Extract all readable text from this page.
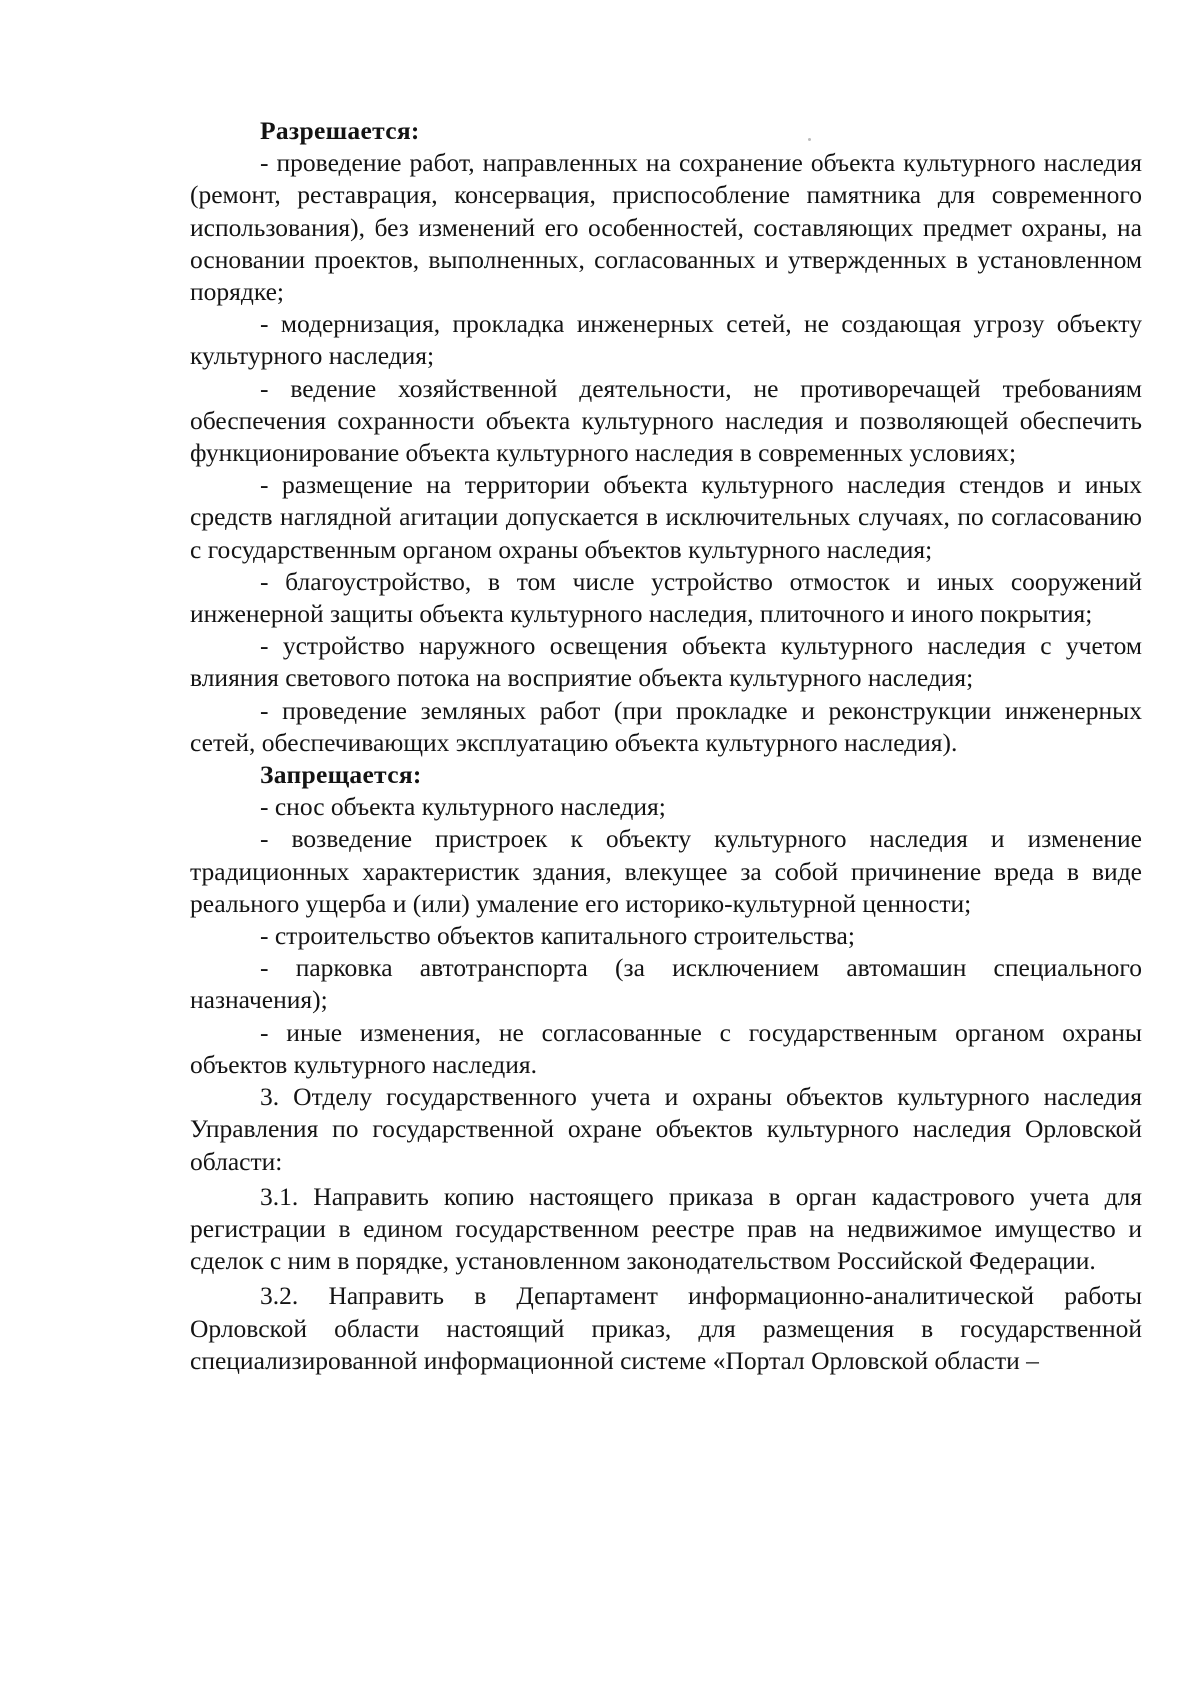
Разрешается:

- проведение работ, направленных на сохранение объекта культурного наследия (ремонт, реставрация, консервация, приспособление памятника для современного использования), без изменений его особенностей, составляющих предмет охраны, на основании проектов, выполненных, согласованных и утвержденных в установленном порядке;

- модернизация, прокладка инженерных сетей, не создающая угрозу объекту культурного наследия;

- ведение хозяйственной деятельности, не противоречащей требованиям обеспечения сохранности объекта культурного наследия и позволяющей обеспечить функционирование объекта культурного наследия в современных условиях;

- размещение на территории объекта культурного наследия стендов и иных средств наглядной агитации допускается в исключительных случаях, по согласованию с государственным органом охраны объектов культурного наследия;

- благоустройство, в том числе устройство отмосток и иных сооружений инженерной защиты объекта культурного наследия, плиточного и иного покрытия;

- устройство наружного освещения объекта культурного наследия с учетом влияния светового потока на восприятие объекта культурного наследия;

- проведение земляных работ (при прокладке и реконструкции инженерных сетей, обеспечивающих эксплуатацию объекта культурного наследия).

Запрещается:

- снос объекта культурного наследия;

- возведение пристроек к объекту культурного наследия и изменение традиционных характеристик здания, влекущее за собой причинение вреда в виде реального ущерба и (или) умаление его историко-культурной ценности;

- строительство объектов капитального строительства;

- парковка автотранспорта (за исключением автомашин специального назначения);

- иные изменения, не согласованные с государственным органом охраны объектов культурного наследия.

3. Отделу государственного учета и охраны объектов культурного наследия Управления по государственной охране объектов культурного наследия Орловской области:

3.1. Направить копию настоящего приказа в орган кадастрового учета для регистрации в едином государственном реестре прав на недвижимое имущество и сделок с ним в порядке, установленном законодательством Российской Федерации.

3.2. Направить в Департамент информационно-аналитической работы Орловской области настоящий приказ, для размещения в государственной специализированной информационной системе «Портал Орловской области –
